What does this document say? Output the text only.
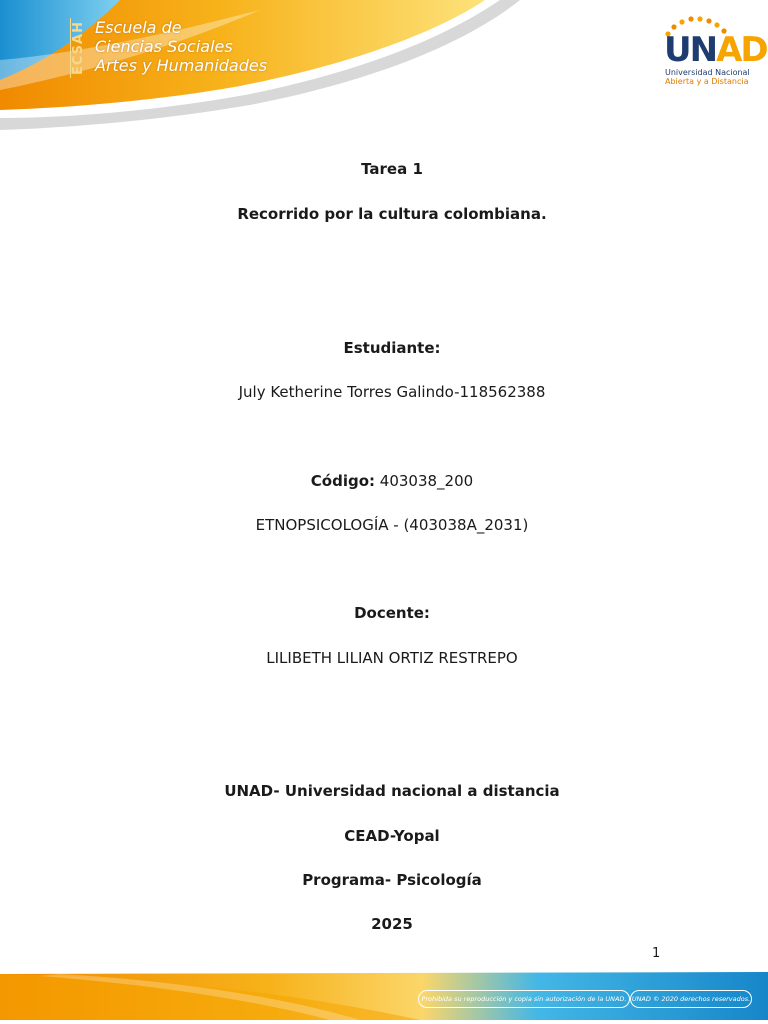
ECSAH Escuela de
Ciencias Sociales
Artes y Humanidades	UNAD
Universidad Nacional
Abierta y a Distancia
Tarea 1
Recorrido por la cultura colombiana.
Estudiante:
July Ketherine Torres Galindo-118562388
Código: 403038_200
ETNOPSICOLOGÍA - (403038A_2031)
Docente:
LILIBETH LILIAN ORTIZ RESTREPO
UNAD- Universidad nacional a distancia
CEAD-Yopal
Programa- Psicología
2025
1
Prohibida su reproducción y copia sin autorización de la UNAD. UNAD © 2020 derechos reservados.
